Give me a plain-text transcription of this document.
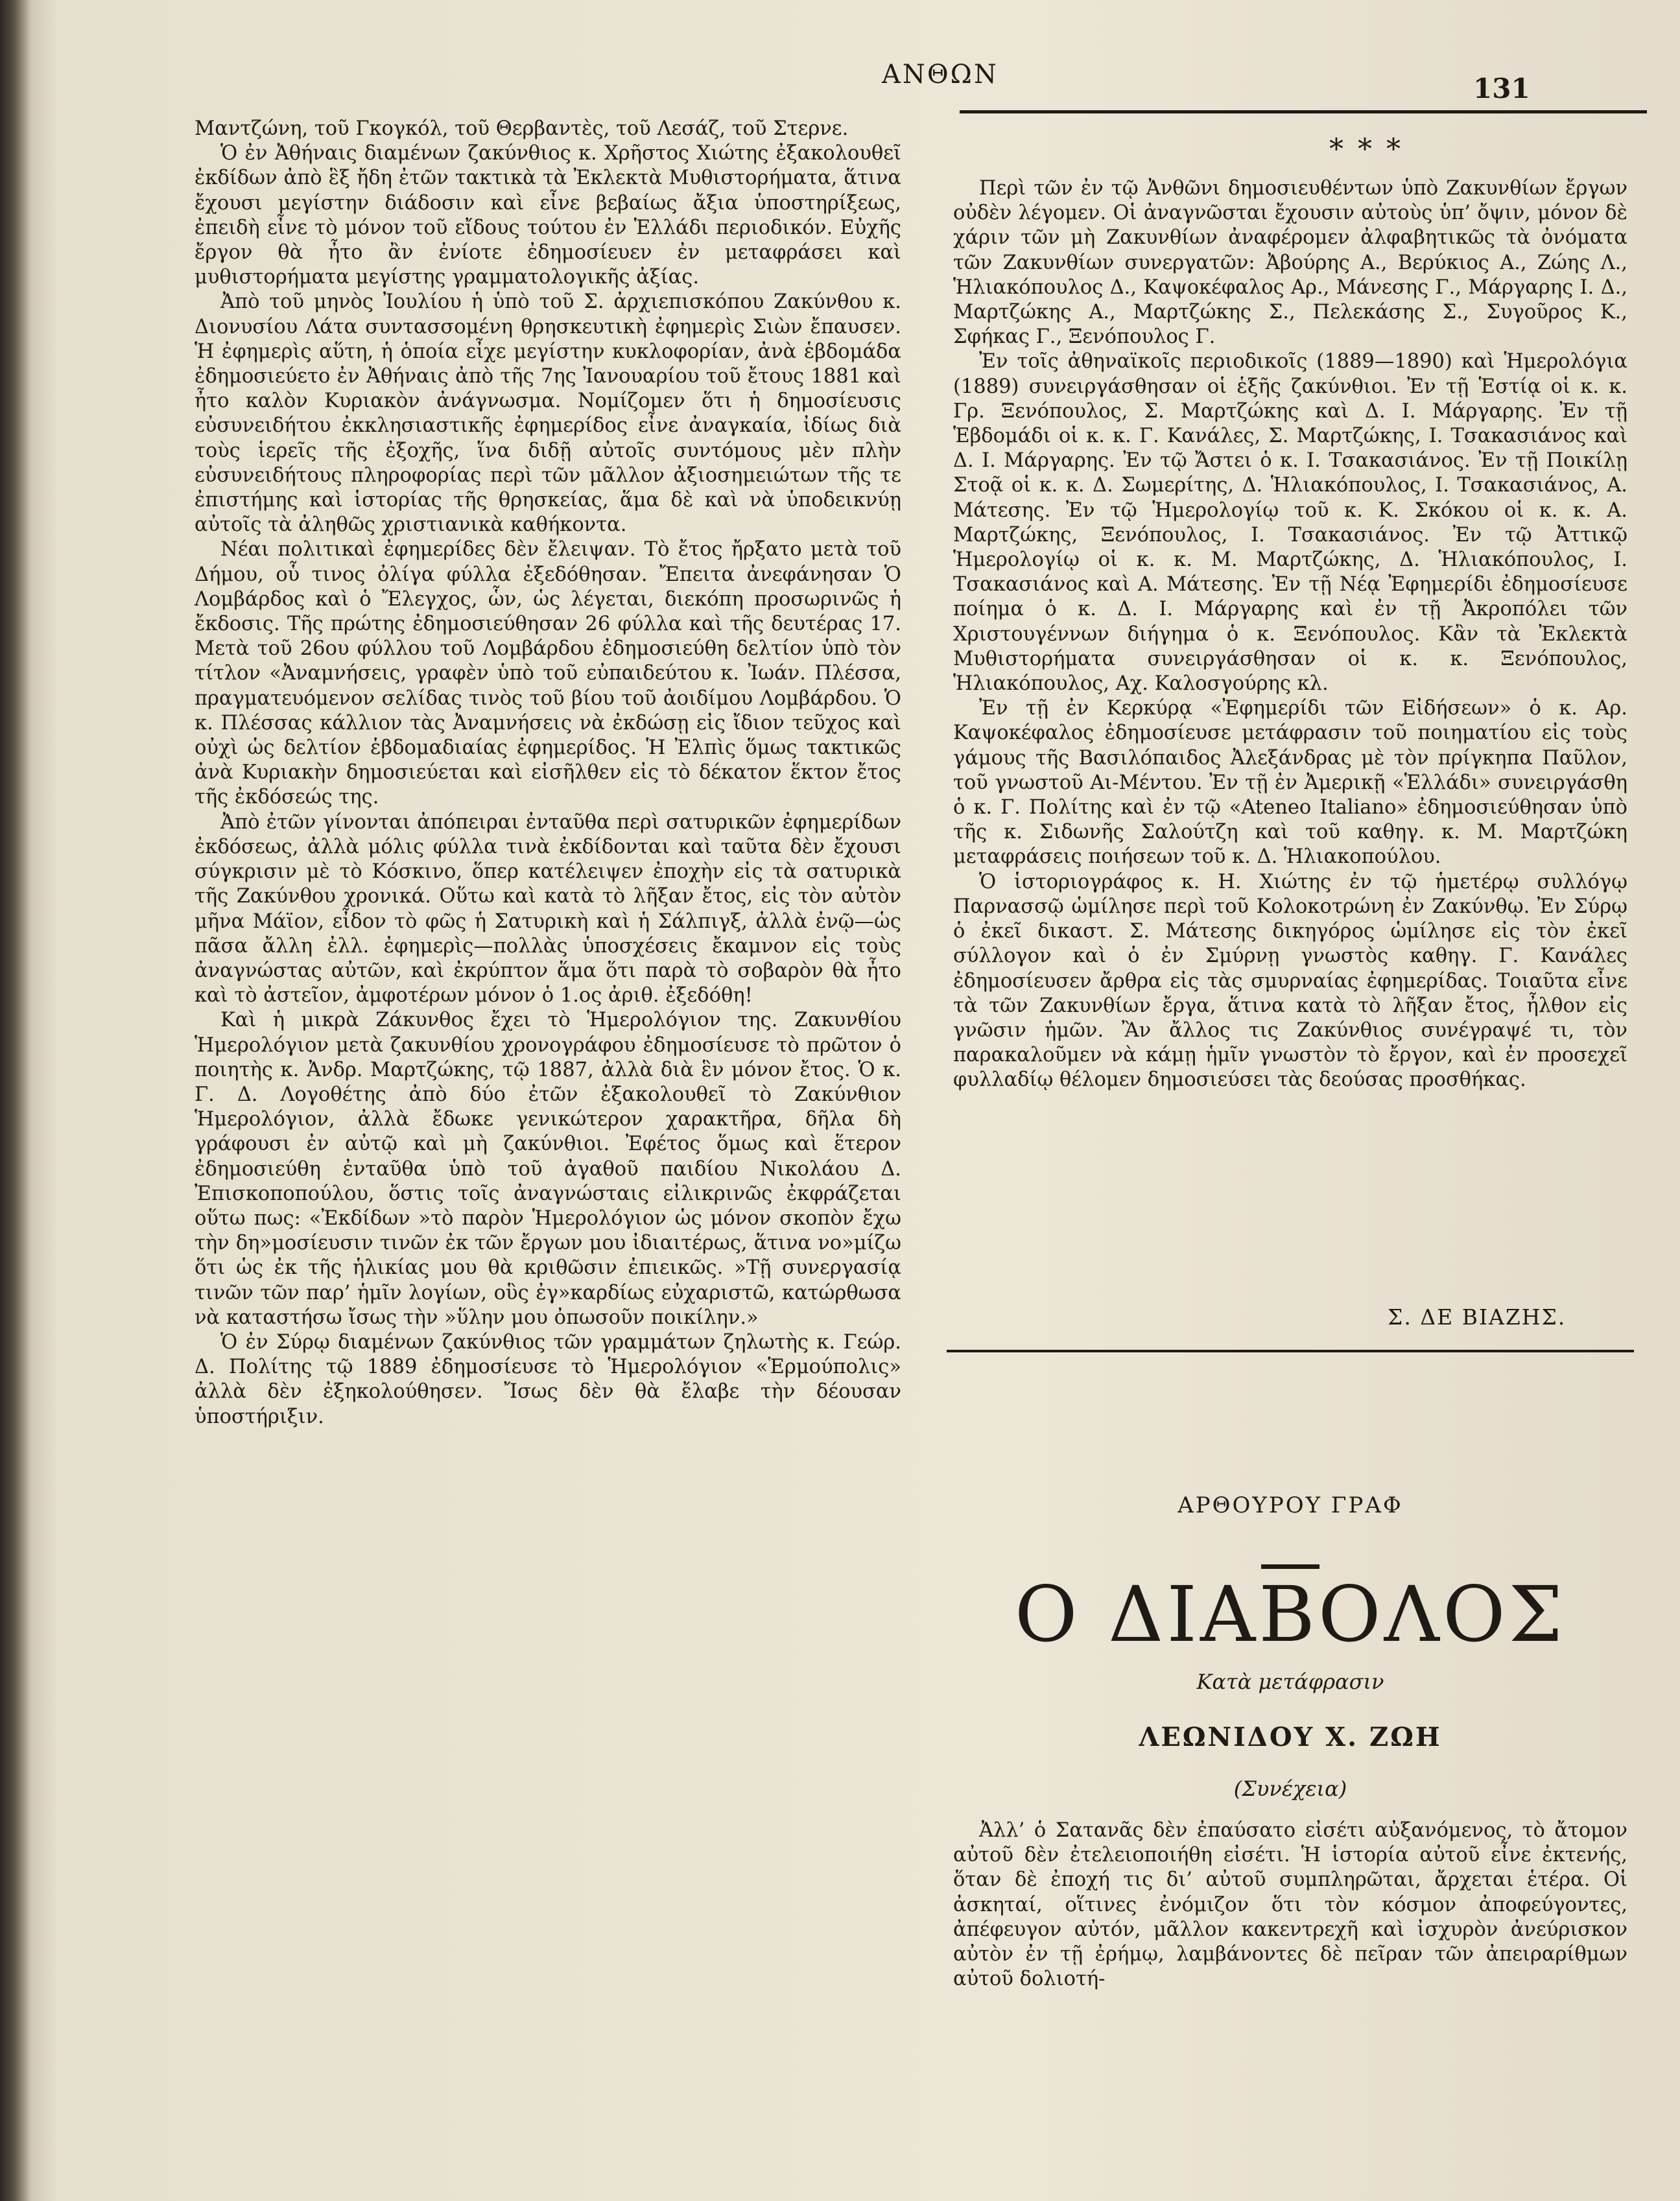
ΑΝΘΩΝ	131

Μαντζώνη, τοῦ Γκογκόλ, τοῦ Θερβαντὲς, τοῦ Λεσάζ, τοῦ Στερνε.

Ὁ ἐν Ἀθήναις διαμένων ζακύνθιος κ. Χρῆστος Χιώτης ἐξακολουθεῖ ἐκδίδων ἀπὸ ἓξ ἤδη ἐτῶν τακτικὰ τὰ Ἐκλεκτὰ Μυθιστορήματα, ἅτινα ἔχουσι μεγίστην διάδοσιν καὶ εἶνε βεβαίως ἄξια ὑποστηρίξεως, ἐπειδὴ εἶνε τὸ μόνον τοῦ εἴδους τούτου ἐν Ἑλλάδι περιοδικόν. Εὐχῆς ἔργον θὰ ἦτο ἂν ἐνίοτε ἐδημοσίευεν ἐν μεταφράσει καὶ μυθιστορήματα μεγίστης γραμματολογικῆς ἀξίας.

Ἀπὸ τοῦ μηνὸς Ἰουλίου ἡ ὑπὸ τοῦ Σ. ἀρχιεπισκόπου Ζακύνθου κ. Διονυσίου Λάτα συντασσομένη θρησκευτικὴ ἐφημερὶς Σιὼν ἔπαυσεν. Ἡ ἐφημερὶς αὕτη, ἡ ὁποία εἶχε μεγίστην κυκλοφορίαν, ἀνὰ ἑβδομάδα ἐδημοσιεύετο ἐν Ἀθήναις ἀπὸ τῆς 7ης Ἰανουαρίου τοῦ ἔτους 1881 καὶ ἦτο καλὸν Κυριακὸν ἀνάγνωσμα. Νομίζομεν ὅτι ἡ δημοσίευσις εὐσυνειδήτου ἐκκλησιαστικῆς ἐφημερίδος εἶνε ἀναγκαία, ἰδίως διὰ τοὺς ἱερεῖς τῆς ἐξοχῆς, ἵνα διδῇ αὐτοῖς συντόμους μὲν πλὴν εὐσυνειδήτους πληροφορίας περὶ τῶν μᾶλλον ἀξιοσημειώτων τῆς τε ἐπιστήμης καὶ ἱστορίας τῆς θρησκείας, ἅμα δὲ καὶ νὰ ὑποδεικνύῃ αὐτοῖς τὰ ἀληθῶς χριστιανικὰ καθήκοντα.

Νέαι πολιτικαὶ ἐφημερίδες δὲν ἔλειψαν. Τὸ ἔτος ἤρξατο μετὰ τοῦ Δήμου, οὗ τινος ὀλίγα φύλλα ἐξεδόθησαν. Ἔπειτα ἀνεφάνησαν Ὁ Λομβάρδος καὶ ὁ Ἔλεγχος, ὧν, ὡς λέγεται, διεκόπη προσωρινῶς ἡ ἔκδοσις. Τῆς πρώτης ἐδημοσιεύθησαν 26 φύλλα καὶ τῆς δευτέρας 17. Μετὰ τοῦ 26ου φύλλου τοῦ Λομβάρδου ἐδημοσιεύθη δελτίον ὑπὸ τὸν τίτλον «Ἀναμνήσεις, γραφὲν ὑπὸ τοῦ εὐπαιδεύτου κ. Ἰωάν. Πλέσσα, πραγματευόμενον σελίδας τινὸς τοῦ βίου τοῦ ἀοιδίμου Λομβάρδου. Ὁ κ. Πλέσσας κάλλιον τὰς Ἀναμνήσεις νὰ ἐκδώσῃ εἰς ἴδιον τεῦχος καὶ οὐχὶ ὡς δελτίον ἑβδομαδιαίας ἐφημερίδος. Ἡ Ἐλπὶς ὅμως τακτικῶς ἀνὰ Κυριακὴν δημοσιεύεται καὶ εἰσῆλθεν εἰς τὸ δέκατον ἕκτον ἔτος τῆς ἐκδόσεώς της.

Ἀπὸ ἐτῶν γίνονται ἀπόπειραι ἐνταῦθα περὶ σατυρικῶν ἐφημερίδων ἐκδόσεως, ἀλλὰ μόλις φύλλα τινὰ ἐκδίδονται καὶ ταῦτα δὲν ἔχουσι σύγκρισιν μὲ τὸ Κόσκινο, ὅπερ κατέλειψεν ἐποχὴν εἰς τὰ σατυρικὰ τῆς Ζακύνθου χρονικά. Οὕτω καὶ κατὰ τὸ λῆξαν ἔτος, εἰς τὸν αὐτὸν μῆνα Μάϊον, εἶδον τὸ φῶς ἡ Σατυρικὴ καὶ ἡ Σάλπιγξ, ἀλλὰ ἐνῷ—ὡς πᾶσα ἄλλη ἐλλ. ἐφημερὶς—πολλὰς ὑποσχέσεις ἔκαμνον εἰς τοὺς ἀναγνώστας αὐτῶν, καὶ ἐκρύπτον ἅμα ὅτι παρὰ τὸ σοβαρὸν θὰ ἦτο καὶ τὸ ἀστεῖον, ἀμφοτέρων μόνον ὁ 1.ος ἀριθ. ἐξεδόθη!

Καὶ ἡ μικρὰ Ζάκυνθος ἔχει τὸ Ἡμερολόγιον της. Ζακυνθίου Ἡμερολόγιον μετὰ ζακυνθίου χρονογράφου ἐδημοσίευσε τὸ πρῶτον ὁ ποιητὴς κ. Ἀνδρ. Μαρτζώκης, τῷ 1887, ἀλλὰ διὰ ἓν μόνον ἔτος. Ὁ κ. Γ. Δ. Λογοθέτης ἀπὸ δύο ἐτῶν ἐξακολουθεῖ τὸ Ζακύνθιον Ἡμερολόγιον, ἀλλὰ ἔδωκε γενικώτερον χαρακτῆρα, δῆλα δὴ γράφουσι ἐν αὐτῷ καὶ μὴ ζακύνθιοι. Ἐφέτος ὅμως καὶ ἕτερον ἐδημοσιεύθη ἐνταῦθα ὑπὸ τοῦ ἀγαθοῦ παιδίου Νικολάου Δ. Ἐπισκοποπούλου, ὅστις τοῖς ἀναγνώσταις εἰλικρινῶς ἐκφράζεται οὕτω πως: «Ἐκδίδων »τὸ παρὸν Ἡμερολόγιον ὡς μόνον σκοπὸν ἔχω τὴν δη»μοσίευσιν τινῶν ἐκ τῶν ἔργων μου ἰδιαιτέρως, ἅτινα νο»μίζω ὅτι ὡς ἐκ τῆς ἡλικίας μου θὰ κριθῶσιν ἐπιεικῶς. »Τῇ συνεργασίᾳ τινῶν τῶν παρ’ ἡμῖν λογίων, οὓς ἐγ»καρδίως εὐχαριστῶ, κατώρθωσα νὰ καταστήσω ἴσως τὴν »ὕλην μου ὀπωσοῦν ποικίλην.»

Ὁ ἐν Σύρῳ διαμένων ζακύνθιος τῶν γραμμάτων ζηλωτὴς κ. Γεώρ. Δ. Πολίτης τῷ 1889 ἐδημοσίευσε τὸ Ἡμερολόγιον «Ἑρμούπολις» ἀλλὰ δὲν ἐξηκολούθησεν. Ἴσως δὲν θὰ ἔλαβε τὴν δέουσαν ὑποστήριξιν.

* * *

Περὶ τῶν ἐν τῷ Ἀνθῶνι δημοσιευθέντων ὑπὸ Ζακυνθίων ἔργων οὐδὲν λέγομεν. Οἱ ἀναγνῶσται ἔχουσιν αὐτοὺς ὑπ’ ὄψιν, μόνον δὲ χάριν τῶν μὴ Ζακυνθίων ἀναφέρομεν ἀλφαβητικῶς τὰ ὀνόματα τῶν Ζακυνθίων συνεργατῶν: Ἀβούρης Α., Βερύκιος Α., Ζώης Λ., Ἡλιακόπουλος Δ., Καψοκέφαλος Αρ., Μάνεσης Γ., Μάργαρης Ι. Δ., Μαρτζώκης Α., Μαρτζώκης Σ., Πελεκάσης Σ., Συγοῦρος Κ., Σφήκας Γ., Ξενόπουλος Γ.

Ἐν τοῖς ἀθηναϊκοῖς περιοδικοῖς (1889—1890) καὶ Ἡμερολόγια (1889) συνειργάσθησαν οἱ ἑξῆς ζακύνθιοι. Ἐν τῇ Ἑστίᾳ οἱ κ. κ. Γρ. Ξενόπουλος, Σ. Μαρτζώκης καὶ Δ. Ι. Μάργαρης. Ἐν τῇ Ἑβδομάδι οἱ κ. κ. Γ. Κανάλες, Σ. Μαρτζώκης, Ι. Τσακασιάνος καὶ Δ. Ι. Μάργαρης. Ἐν τῷ Ἄστει ὁ κ. Ι. Τσακασιάνος. Ἐν τῇ Ποικίλῃ Στοᾷ οἱ κ. κ. Δ. Σωμερίτης, Δ. Ἡλιακόπουλος, Ι. Τσακασιάνος, Α. Μάτεσης. Ἐν τῷ Ἡμερολογίῳ τοῦ κ. Κ. Σκόκου οἱ κ. κ. Α. Μαρτζώκης, Ξενόπουλος, Ι. Τσακασιάνος. Ἐν τῷ Ἀττικῷ Ἡμερολογίῳ οἱ κ. κ. Μ. Μαρτζώκης, Δ. Ἡλιακόπουλος, Ι. Τσακασιάνος καὶ Α. Μάτεσης. Ἐν τῇ Νέᾳ Ἐφημερίδι ἐδημοσίευσε ποίημα ὁ κ. Δ. Ι. Μάργαρης καὶ ἐν τῇ Ἀκροπόλει τῶν Χριστουγέννων διήγημα ὁ κ. Ξενόπουλος. Κἂν τὰ Ἐκλεκτὰ Μυθιστορήματα συνειργάσθησαν οἱ κ. κ. Ξενόπουλος, Ἡλιακόπουλος, Αχ. Καλοσγούρης κλ.

Ἐν τῇ ἐν Κερκύρᾳ «Ἐφημερίδι τῶν Εἰδήσεων» ὁ κ. Αρ. Καψοκέφαλος ἐδημοσίευσε μετάφρασιν τοῦ ποιηματίου εἰς τοὺς γάμους τῆς Βασιλόπαιδος Ἀλεξάνδρας μὲ τὸν πρίγκηπα Παῦλον, τοῦ γνωστοῦ Αι-Μέντου. Ἐν τῇ ἐν Ἀμερικῇ «Ἑλλάδι» συνειργάσθη ὁ κ. Γ. Πολίτης καὶ ἐν τῷ «Ateneo Italiano» ἐδημοσιεύθησαν ὑπὸ τῆς κ. Σιδωνῆς Σαλούτζη καὶ τοῦ καθηγ. κ. Μ. Μαρτζώκη μεταφράσεις ποιήσεων τοῦ κ. Δ. Ἡλιακοπούλου.

Ὁ ἱστοριογράφος κ. Η. Χιώτης ἐν τῷ ἡμετέρῳ συλλόγῳ Παρνασσῷ ὡμίλησε περὶ τοῦ Κολοκοτρώνη ἐν Ζακύνθῳ. Ἐν Σύρῳ ὁ ἐκεῖ δικαστ. Σ. Μάτεσης δικηγόρος ὡμίλησε εἰς τὸν ἐκεῖ σύλλογον καὶ ὁ ἐν Σμύρνῃ γνωστὸς καθηγ. Γ. Κανάλες ἐδημοσίευσεν ἄρθρα εἰς τὰς σμυρναίας ἐφημερίδας. Τοιαῦτα εἶνε τὰ τῶν Ζακυνθίων ἔργα, ἅτινα κατὰ τὸ λῆξαν ἔτος, ἦλθον εἰς γνῶσιν ἡμῶν. Ἂν ἄλλος τις Ζακύνθιος συνέγραψέ τι, τὸν παρακαλοῦμεν νὰ κάμῃ ἡμῖν γνωστὸν τὸ ἔργον, καὶ ἐν προσεχεῖ φυλλαδίῳ θέλομεν δημοσιεύσει τὰς δεούσας προσθήκας.

Σ. ΔΕ ΒΙΑΖΗΣ.
ΑΡΘΟΥΡΟΥ ΓΡΑΦ
Ο ΔΙΑΒΟΛΟΣ
Κατὰ μετάφρασιν
ΛΕΩΝΙΔΟΥ Χ. ΖΩΗ
(Συνέχεια)

Ἀλλ’ ὁ Σατανᾶς δὲν ἐπαύσατο εἰσέτι αὐξανόμενος, τὸ ἄτομον αὐτοῦ δὲν ἐτελειοποιήθη εἰσέτι. Ἡ ἱστορία αὐτοῦ εἶνε ἐκτενής, ὅταν δὲ ἐποχή τις δι’ αὐτοῦ συμπληρῶται, ἄρχεται ἑτέρα. Οἱ ἀσκηταί, οἵτινες ἐνόμιζον ὅτι τὸν κόσμον ἀποφεύγοντες, ἀπέφευγον αὐτόν, μᾶλλον κακεντρεχῆ καὶ ἰσχυρὸν ἀνεύρισκον αὐτὸν ἐν τῇ ἐρήμῳ, λαμβάνοντες δὲ πεῖραν τῶν ἀπειραρίθμων αὐτοῦ δολιοτή-
